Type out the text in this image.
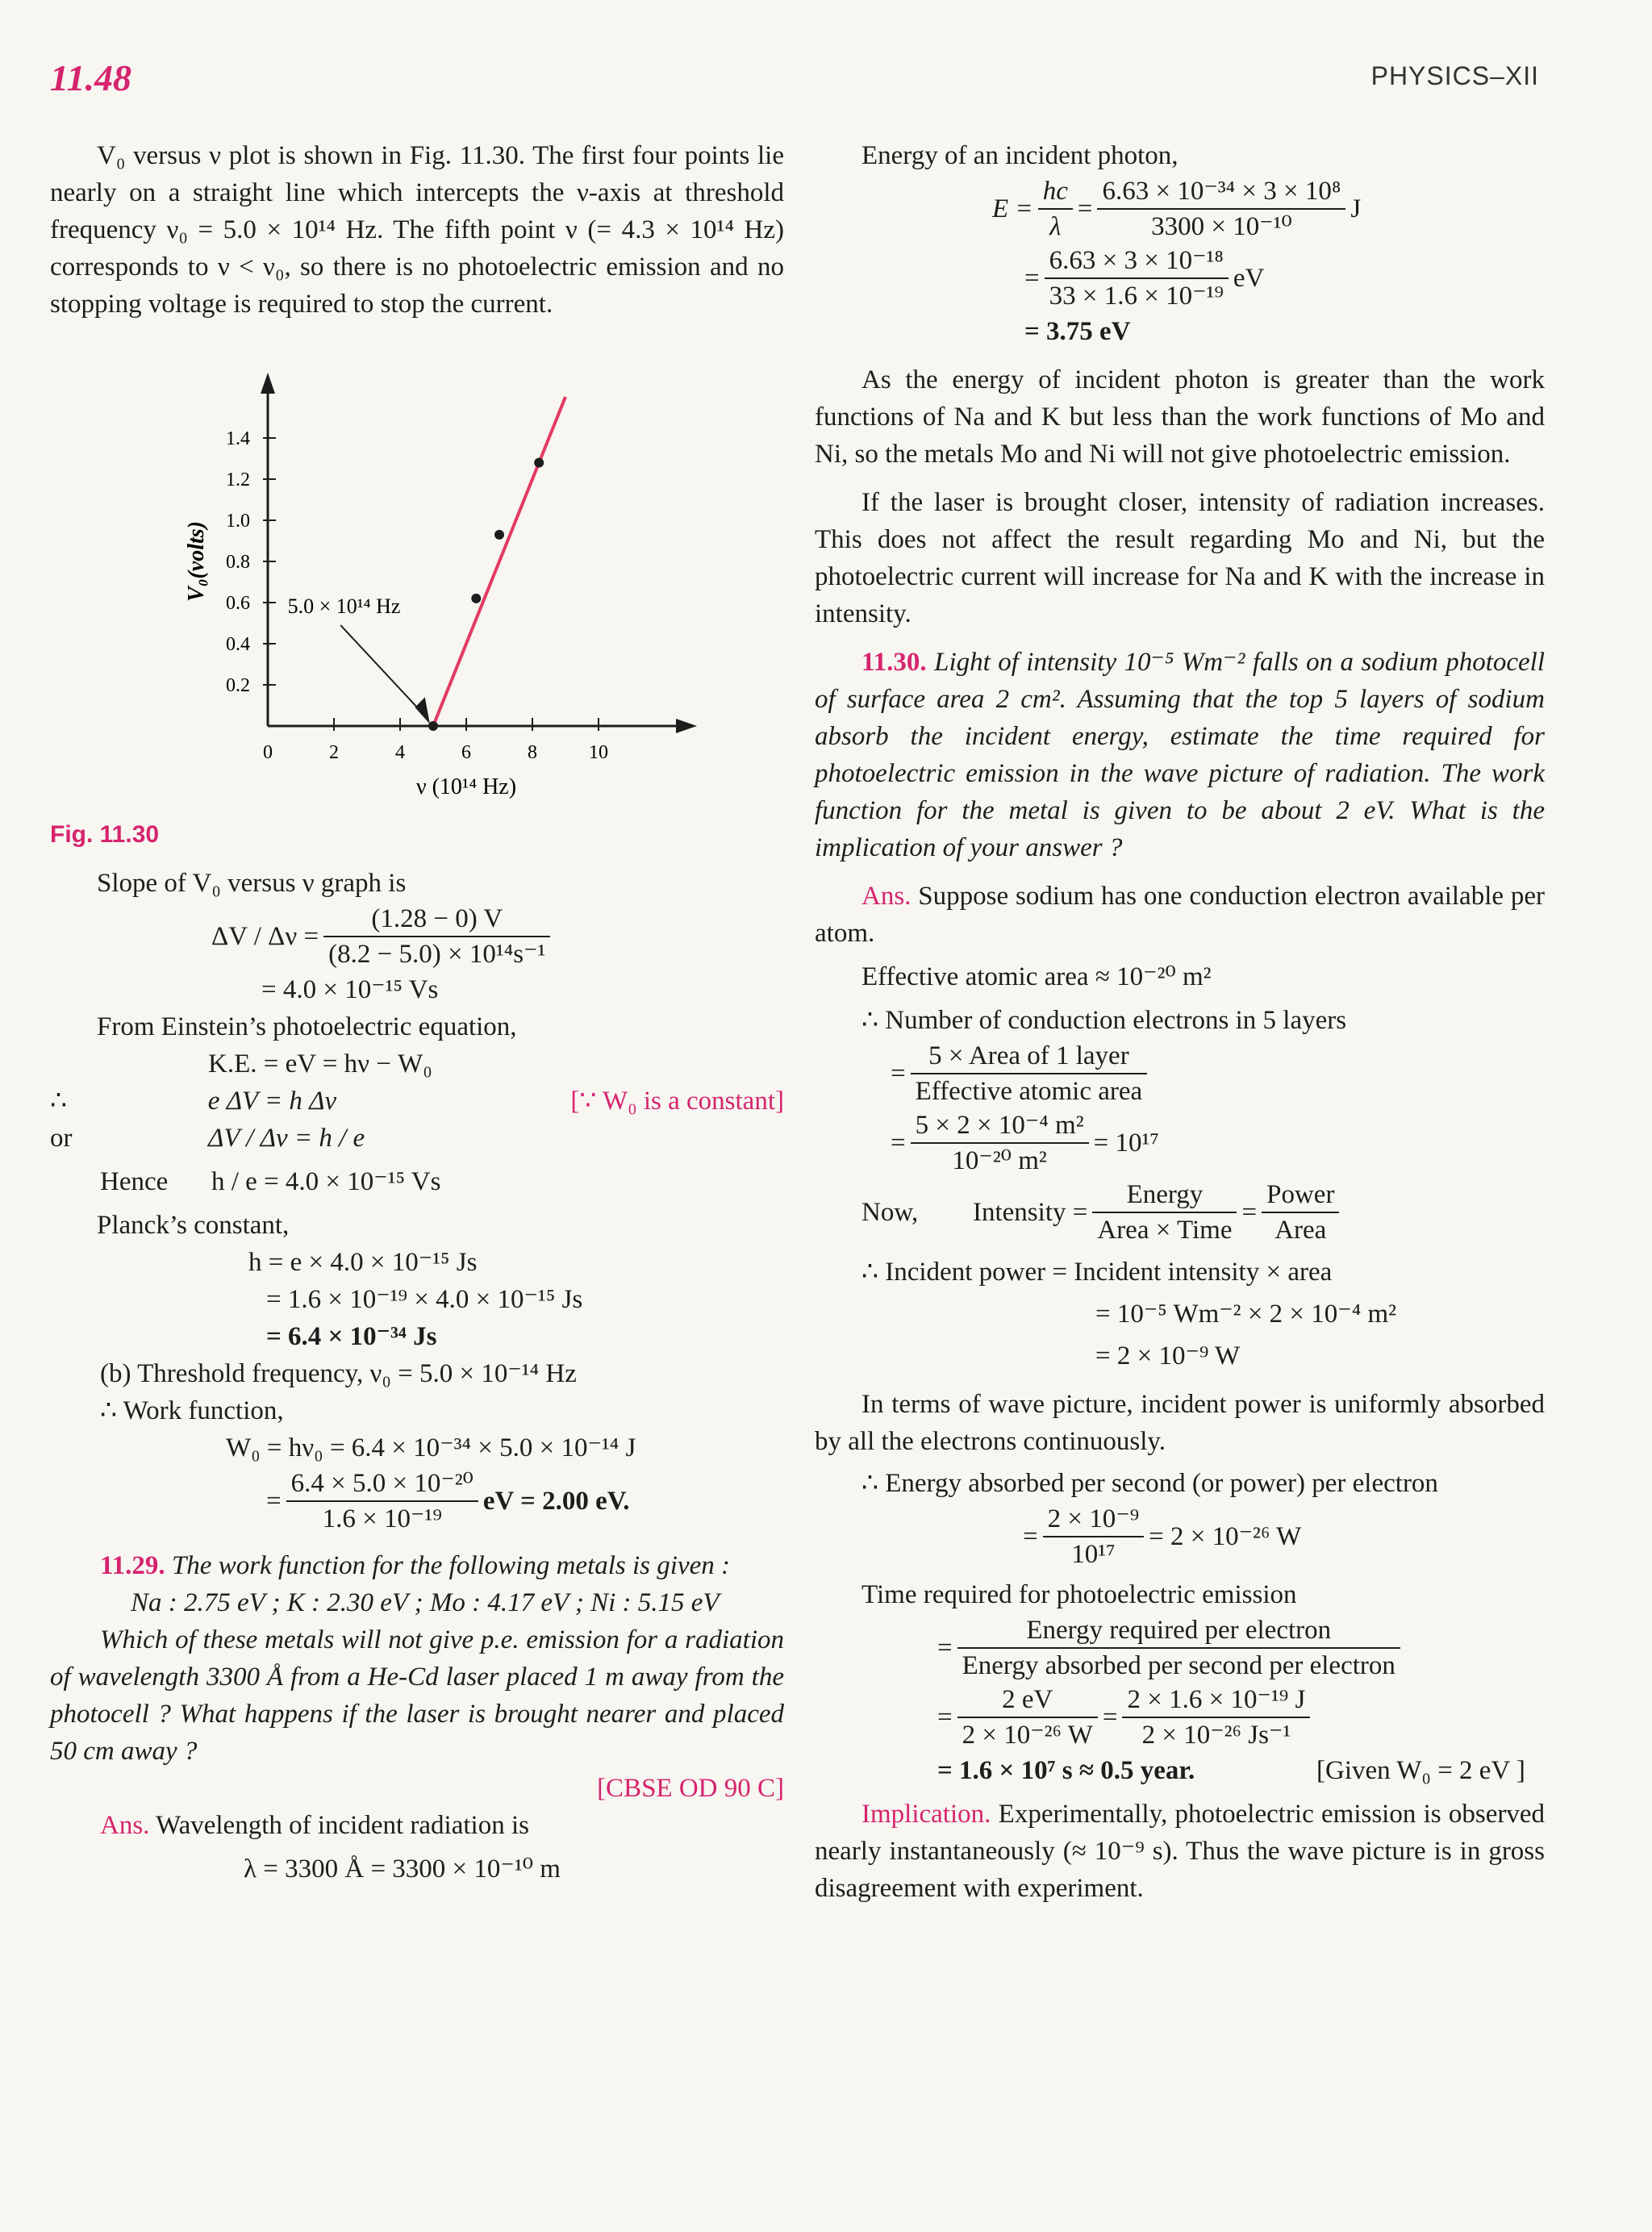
11.48	PHYSICS–XII

V₀ versus ν plot is shown in Fig. 11.30. The first four points lie nearly on a straight line which intercepts the ν-axis at threshold frequency ν₀ = 5.0 × 10¹⁴ Hz. The fifth point ν (= 4.3 × 10¹⁴ Hz) corresponds to ν < ν₀, so there is no photoelectric emission and no stopping voltage is required to stop the current.

0	2	4	6	8	10
0.2
0.4
0.6
0.8
1.0
1.2
1.4
ν (10¹⁴ Hz)
V₀(volts)
5.0 × 10¹⁴ Hz
Fig. 11.30

Slope of V₀ versus ν graph is

$\Delta V / \Delta\nu = \frac{(1.28 - 0) V}{\text{(8.2 − 5.0) × 10¹⁴s⁻¹}}$
= 4.0 × 10⁻¹⁵ Vs

From Einstein’s photoelectric equation,

K.E. = eV = hν − W₀
∴	e ΔV = h Δν	[∵ W₀ is a constant]
or	ΔV / Δν = h / e
Hence	h / e = 4.0 × 10⁻¹⁵ Vs

Planck’s constant,

h = e × 4.0 × 10⁻¹⁵ Js
= 1.6 × 10⁻¹⁹ × 4.0 × 10⁻¹⁵ Js
= 6.4 × 10⁻³⁴ Js

(b) Threshold frequency, ν₀ = 5.0 × 10⁻¹⁴ Hz

∴ Work function,

W₀ = hν₀ = 6.4 × 10⁻³⁴ × 5.0 × 10⁻¹⁴ J
= $\frac{\text{6.4 × 5.0 × 10⁻²⁰}}{\text{1.6 × 10⁻¹⁹}}$ eV = 2.00 eV.

11.29. The work function for the following metals is given :

Na : 2.75 eV ; K : 2.30 eV ; Mo : 4.17 eV ; Ni : 5.15 eV

Which of these metals will not give p.e. emission for a radiation of wavelength 3300 Å from a He-Cd laser placed 1 m away from the photocell ? What happens if the laser is brought nearer and placed 50 cm away ?

[CBSE OD 90 C]

Ans. Wavelength of incident radiation is

λ = 3300 Å = 3300 × 10⁻¹⁰ m

Energy of an incident photon,

$E = \frac{hc}{\lambda} = \frac{\text{6.63 × 10⁻³⁴ × 3 × 10⁸}}{\text{3300 × 10⁻¹⁰}}$ J
= $\frac{\text{6.63 × 3 × 10⁻¹⁸}}{\text{33 × 1.6 × 10⁻¹⁹}}$ eV
= 3.75 eV

As the energy of incident photon is greater than the work functions of Na and K but less than the work functions of Mo and Ni, so the metals Mo and Ni will not give photoelectric emission.

If the laser is brought closer, intensity of radiation increases. This does not affect the result regarding Mo and Ni, but the photoelectric current will increase for Na and K with the increase in intensity.

11.30. Light of intensity 10⁻⁵ Wm⁻² falls on a sodium photocell of surface area 2 cm². Assuming that the top 5 layers of sodium absorb the incident energy, estimate the time required for photoelectric emission in the wave picture of radiation. The work function for the metal is given to be about 2 eV. What is the implication of your answer ?

Ans. Suppose sodium has one conduction electron available per atom.

Effective atomic area ≈ 10⁻²⁰ m²
∴ Number of conduction electrons in 5 layers
= $\frac{\text{5 × Area of 1 layer}}{\text{Effective atomic area}}$
= $\frac{\text{5 × 2 × 10⁻⁴ m²}}{\text{10⁻²⁰ m²}} = 10^{17}$
Now,	Intensity = $\frac{\text{Energy}}{\text{Area × Time}} = \frac{\text{Power}}{\text{Area}}$
∴ Incident power = Incident intensity × area
= 10⁻⁵ Wm⁻² × 2 × 10⁻⁴ m²
= 2 × 10⁻⁹ W

In terms of wave picture, incident power is uniformly absorbed by all the electrons continuously.

∴ Energy absorbed per second (or power) per electron
= $\frac{\text{2 × 10⁻⁹}}{\text{10¹⁷}} = 2 \times 10^{-26}$ W
Time required for photoelectric emission
= $\frac{\text{Energy required per electron}}{\text{Energy absorbed per second per electron}}$
= $\frac{2 eV}{\text{2 × 10⁻²⁶ W}} = \frac{\text{2 × 1.6 × 10⁻¹⁹ J}}{\text{2 × 10⁻²⁶ Js⁻¹}}$
= 1.6 × 10⁷ s ≈ 0.5 year.	[Given W₀ = 2 eV ]

Implication. Experimentally, photoelectric emission is observed nearly instantaneously (≈ 10⁻⁹ s). Thus the wave picture is in gross disagreement with experiment.
